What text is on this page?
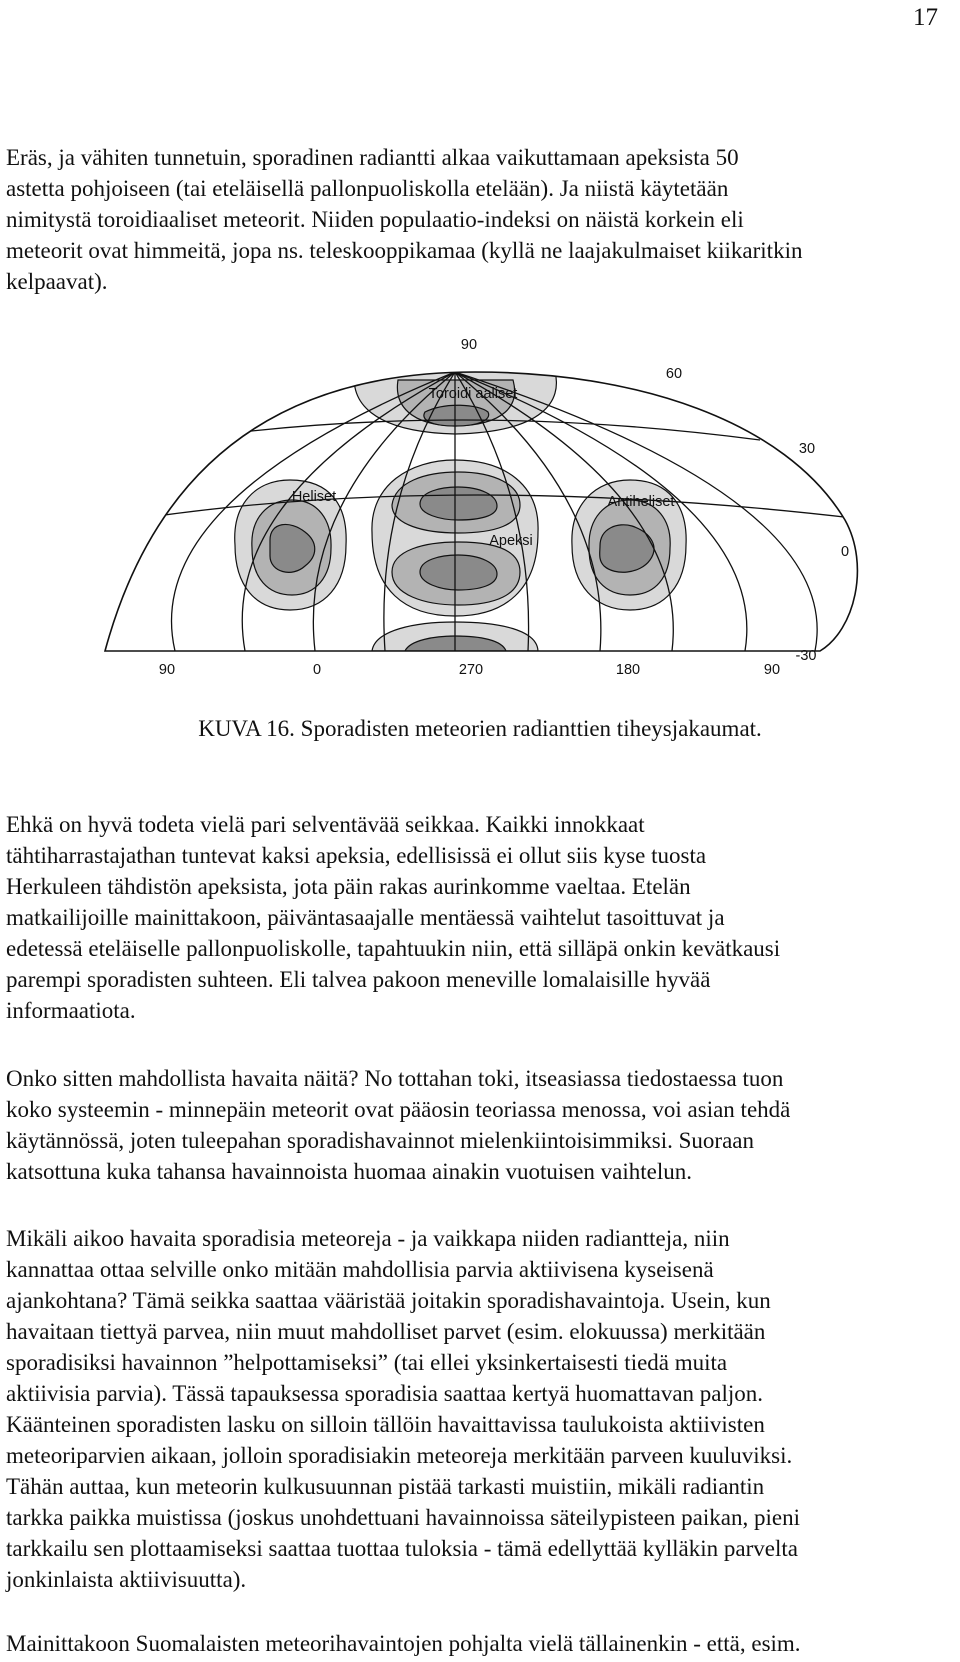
17
Eräs, ja vähiten tunnetuin, sporadinen radiantti alkaa vaikuttamaan apeksista 50
astetta pohjoiseen (tai eteläisellä pallonpuoliskolla etelään). Ja niistä käytetään
nimitystä toroidiaaliset meteorit. Niiden populaatio-indeksi on näistä korkein eli
meteorit ovat himmeitä, jopa ns. teleskooppikamaa (kyllä ne laajakulmaiset kiikaritkin
kelpaavat).
90
60
30
0
-30
90	0	270	180	90
Toroidi aaliset
Heliset	Antiheliset
Apeksi
KUVA 16. Sporadisten meteorien radianttien tiheysjakaumat.
Ehkä on hyvä todeta vielä pari selventävää seikkaa. Kaikki innokkaat
tähtiharrastajathan tuntevat kaksi apeksia, edellisissä ei ollut siis kyse tuosta
Herkuleen tähdistön apeksista, jota päin rakas aurinkomme vaeltaa. Etelän
matkailijoille mainittakoon, päiväntasaajalle mentäessä vaihtelut tasoittuvat ja
edetessä eteläiselle pallonpuoliskolle, tapahtuukin niin, että silläpä onkin kevätkausi
parempi sporadisten suhteen. Eli talvea pakoon meneville lomalaisille hyvää
informaatiota.
Onko sitten mahdollista havaita näitä? No tottahan toki, itseasiassa tiedostaessa tuon
koko systeemin - minnepäin meteorit ovat pääosin teoriassa menossa, voi asian tehdä
käytännössä, joten tuleepahan sporadishavainnot mielenkiintoisimmiksi. Suoraan
katsottuna kuka tahansa havainnoista huomaa ainakin vuotuisen vaihtelun.
Mikäli aikoo havaita sporadisia meteoreja - ja vaikkapa niiden radiantteja, niin
kannattaa ottaa selville onko mitään mahdollisia parvia aktiivisena kyseisenä
ajankohtana? Tämä seikka saattaa vääristää joitakin sporadishavaintoja. Usein, kun
havaitaan tiettyä parvea, niin muut mahdolliset parvet (esim. elokuussa) merkitään
sporadisiksi havainnon ”helpottamiseksi” (tai ellei yksinkertaisesti tiedä muita
aktiivisia parvia). Tässä tapauksessa sporadisia saattaa kertyä huomattavan paljon.
Käänteinen sporadisten lasku on silloin tällöin havaittavissa taulukoista aktiivisten
meteoriparvien aikaan, jolloin sporadisiakin meteoreja merkitään parveen kuuluviksi.
Tähän auttaa, kun meteorin kulkusuunnan pistää tarkasti muistiin, mikäli radiantin
tarkka paikka muistissa (joskus unohdettuani havainnoissa säteilypisteen paikan, pieni
tarkkailu sen plottaamiseksi saattaa tuottaa tuloksia - tämä edellyttää kylläkin parvelta
jonkinlaista aktiivisuutta).
Mainittakoon Suomalaisten meteorihavaintojen pohjalta vielä tällainenkin - että, esim.
